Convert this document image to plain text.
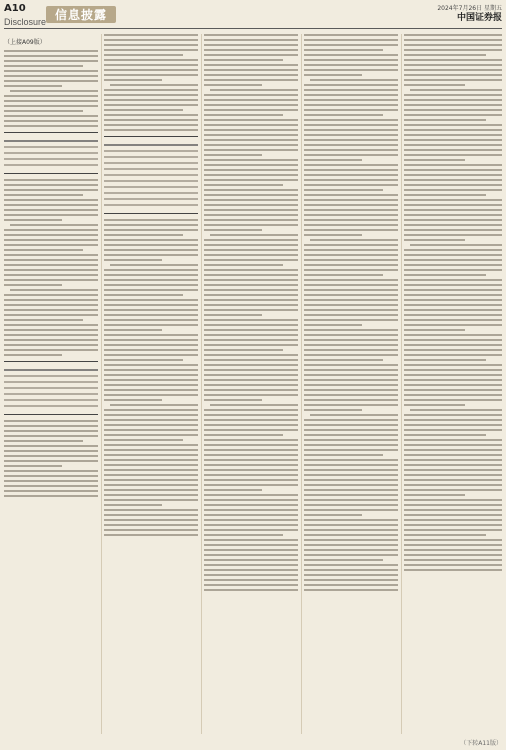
A10
Disclosure 信息披露	2024年7月26日 星期五
中国证券报
（上接A09版）
（下转A11版）
